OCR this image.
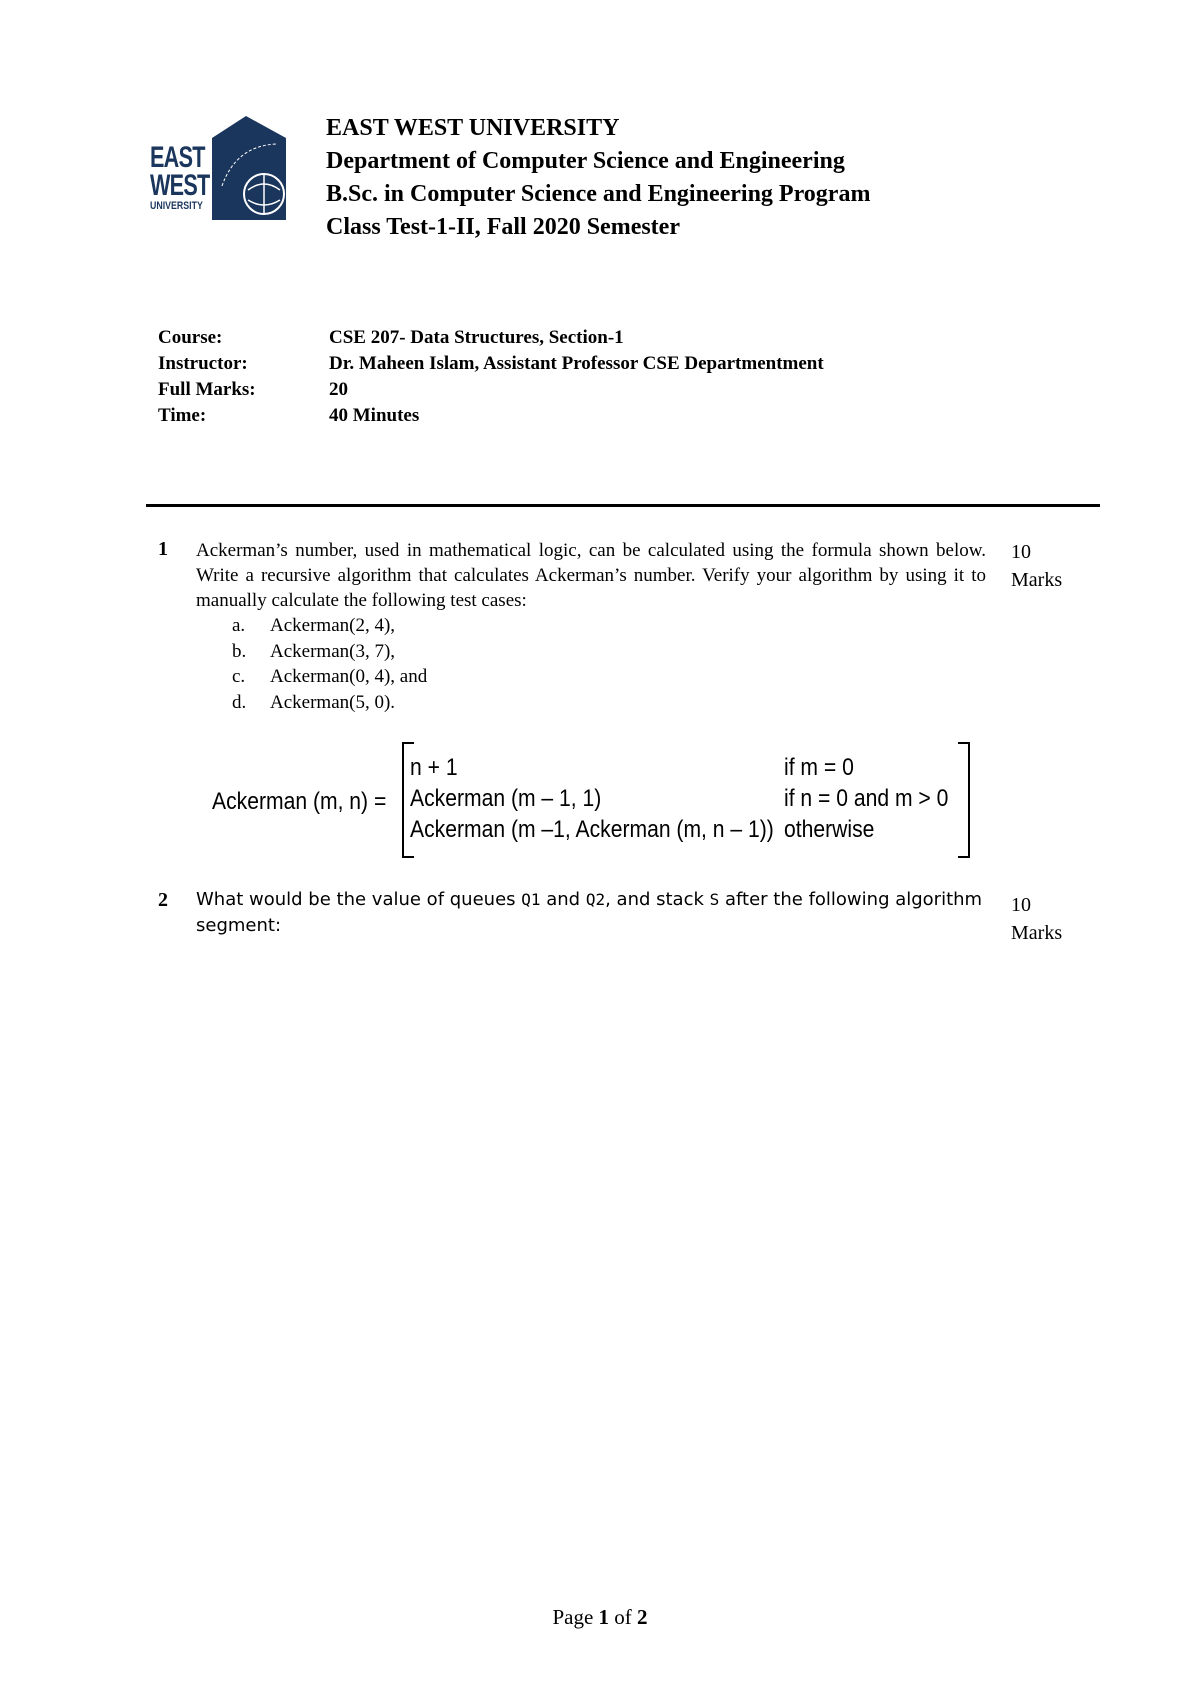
EAST
WEST
UNIVERSITY
EAST WEST UNIVERSITY
Department of Computer Science and Engineering
B.Sc. in Computer Science and Engineering Program
Class Test-1-II, Fall 2020 Semester
Course:	CSE 207- Data Structures, Section-1
Instructor:	Dr. Maheen Islam, Assistant Professor CSE Departmentment
Full Marks:	20
Time:	40 Minutes
1 Ackerman’s number, used in mathematical logic, can be calculated using the formula shown below. Write a recursive algorithm that calculates Ackerman’s number. Verify your algorithm by using it to manually calculate the following test cases:
10
Marks
a. Ackerman(2, 4),
b. Ackerman(3, 7),
c. Ackerman(0, 4), and
d. Ackerman(5, 0).
Ackerman (m, n) =
n + 1	if m = 0
Ackerman (m – 1, 1)	if n = 0 and m > 0
Ackerman (m –1, Ackerman (m, n – 1)) otherwise
2 What would be the value of queues Q1 and Q2, and stack S after the following algorithm segment:
10
Marks
Page 1 of 2
